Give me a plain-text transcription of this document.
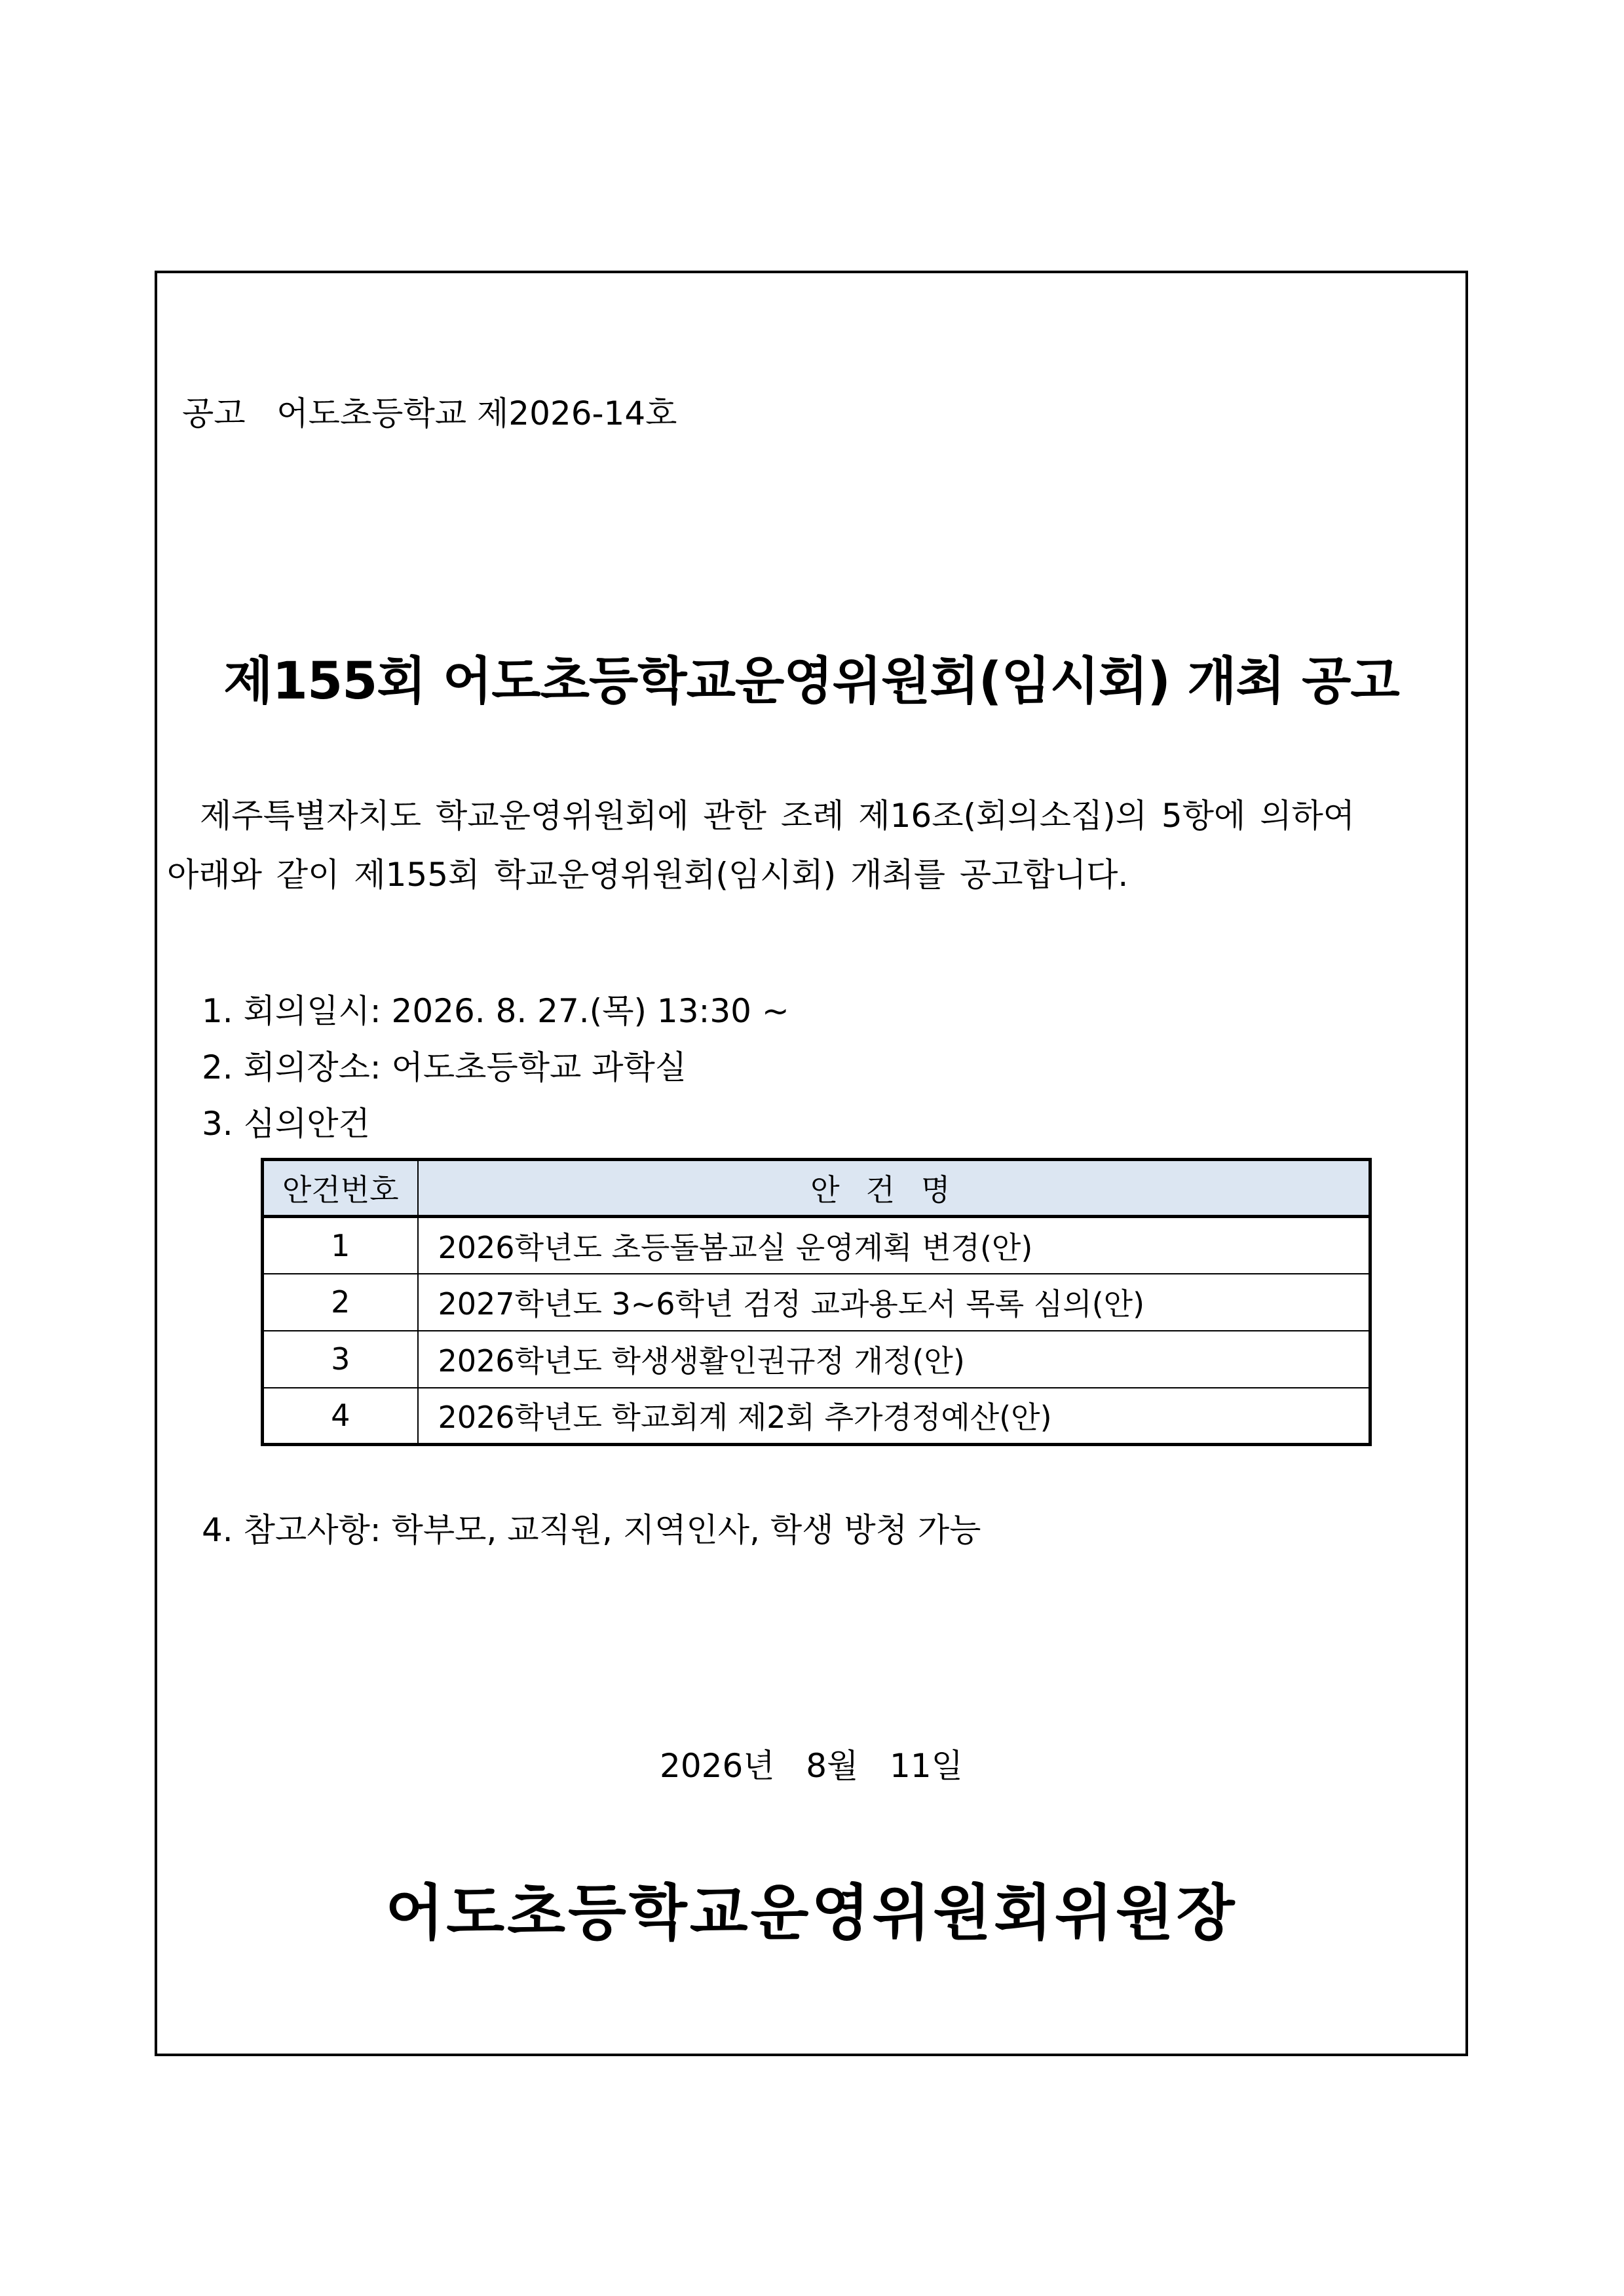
공고   어도초등학교 제2026-14호
제155회 어도초등학교운영위원회(임시회) 개최 공고
제주특별자치도 학교운영위원회에 관한 조례 제16조(회의소집)의 5항에 의하여
아래와 같이 제155회 학교운영위원회(임시회) 개최를 공고합니다.
1. 회의일시: 2026. 8. 27.(목) 13:30 ~
2. 회의장소: 어도초등학교 과학실
3. 심의안건
안건번호	안건명
1	2026학년도 초등돌봄교실 운영계획 변경(안)
2	2027학년도 3~6학년 검정 교과용도서 목록 심의(안)
3	2026학년도 학생생활인권규정 개정(안)
4	2026학년도 학교회계 제2회 추가경정예산(안)
4. 참고사항: 학부모, 교직원, 지역인사, 학생 방청 가능
2026년   8월   11일
어도초등학교운영위원회위원장
